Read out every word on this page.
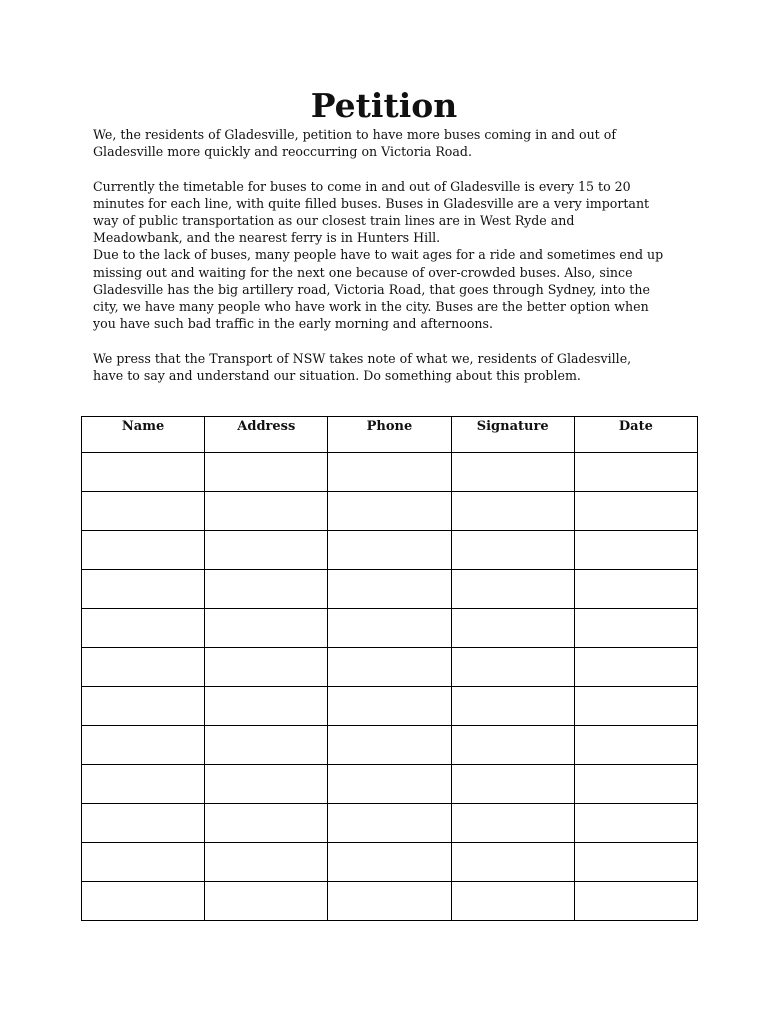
Petition
We, the residents of Gladesville, petition to have more buses coming in and out of
Gladesville more quickly and reoccurring on Victoria Road.
Currently the timetable for buses to come in and out of Gladesville is every 15 to 20
minutes for each line, with quite filled buses. Buses in Gladesville are a very important
way of public transportation as our closest train lines are in West Ryde and
Meadowbank, and the nearest ferry is in Hunters Hill.
Due to the lack of buses, many people have to wait ages for a ride and sometimes end up
missing out and waiting for the next one because of over-crowded buses. Also, since
Gladesville has the big artillery road, Victoria Road, that goes through Sydney, into the
city, we have many people who have work in the city. Buses are the better option when
you have such bad traffic in the early morning and afternoons.
We press that the Transport of NSW takes note of what we, residents of Gladesville,
have to say and understand our situation. Do something about this problem.
Name	Address	Phone	Signature	Date
